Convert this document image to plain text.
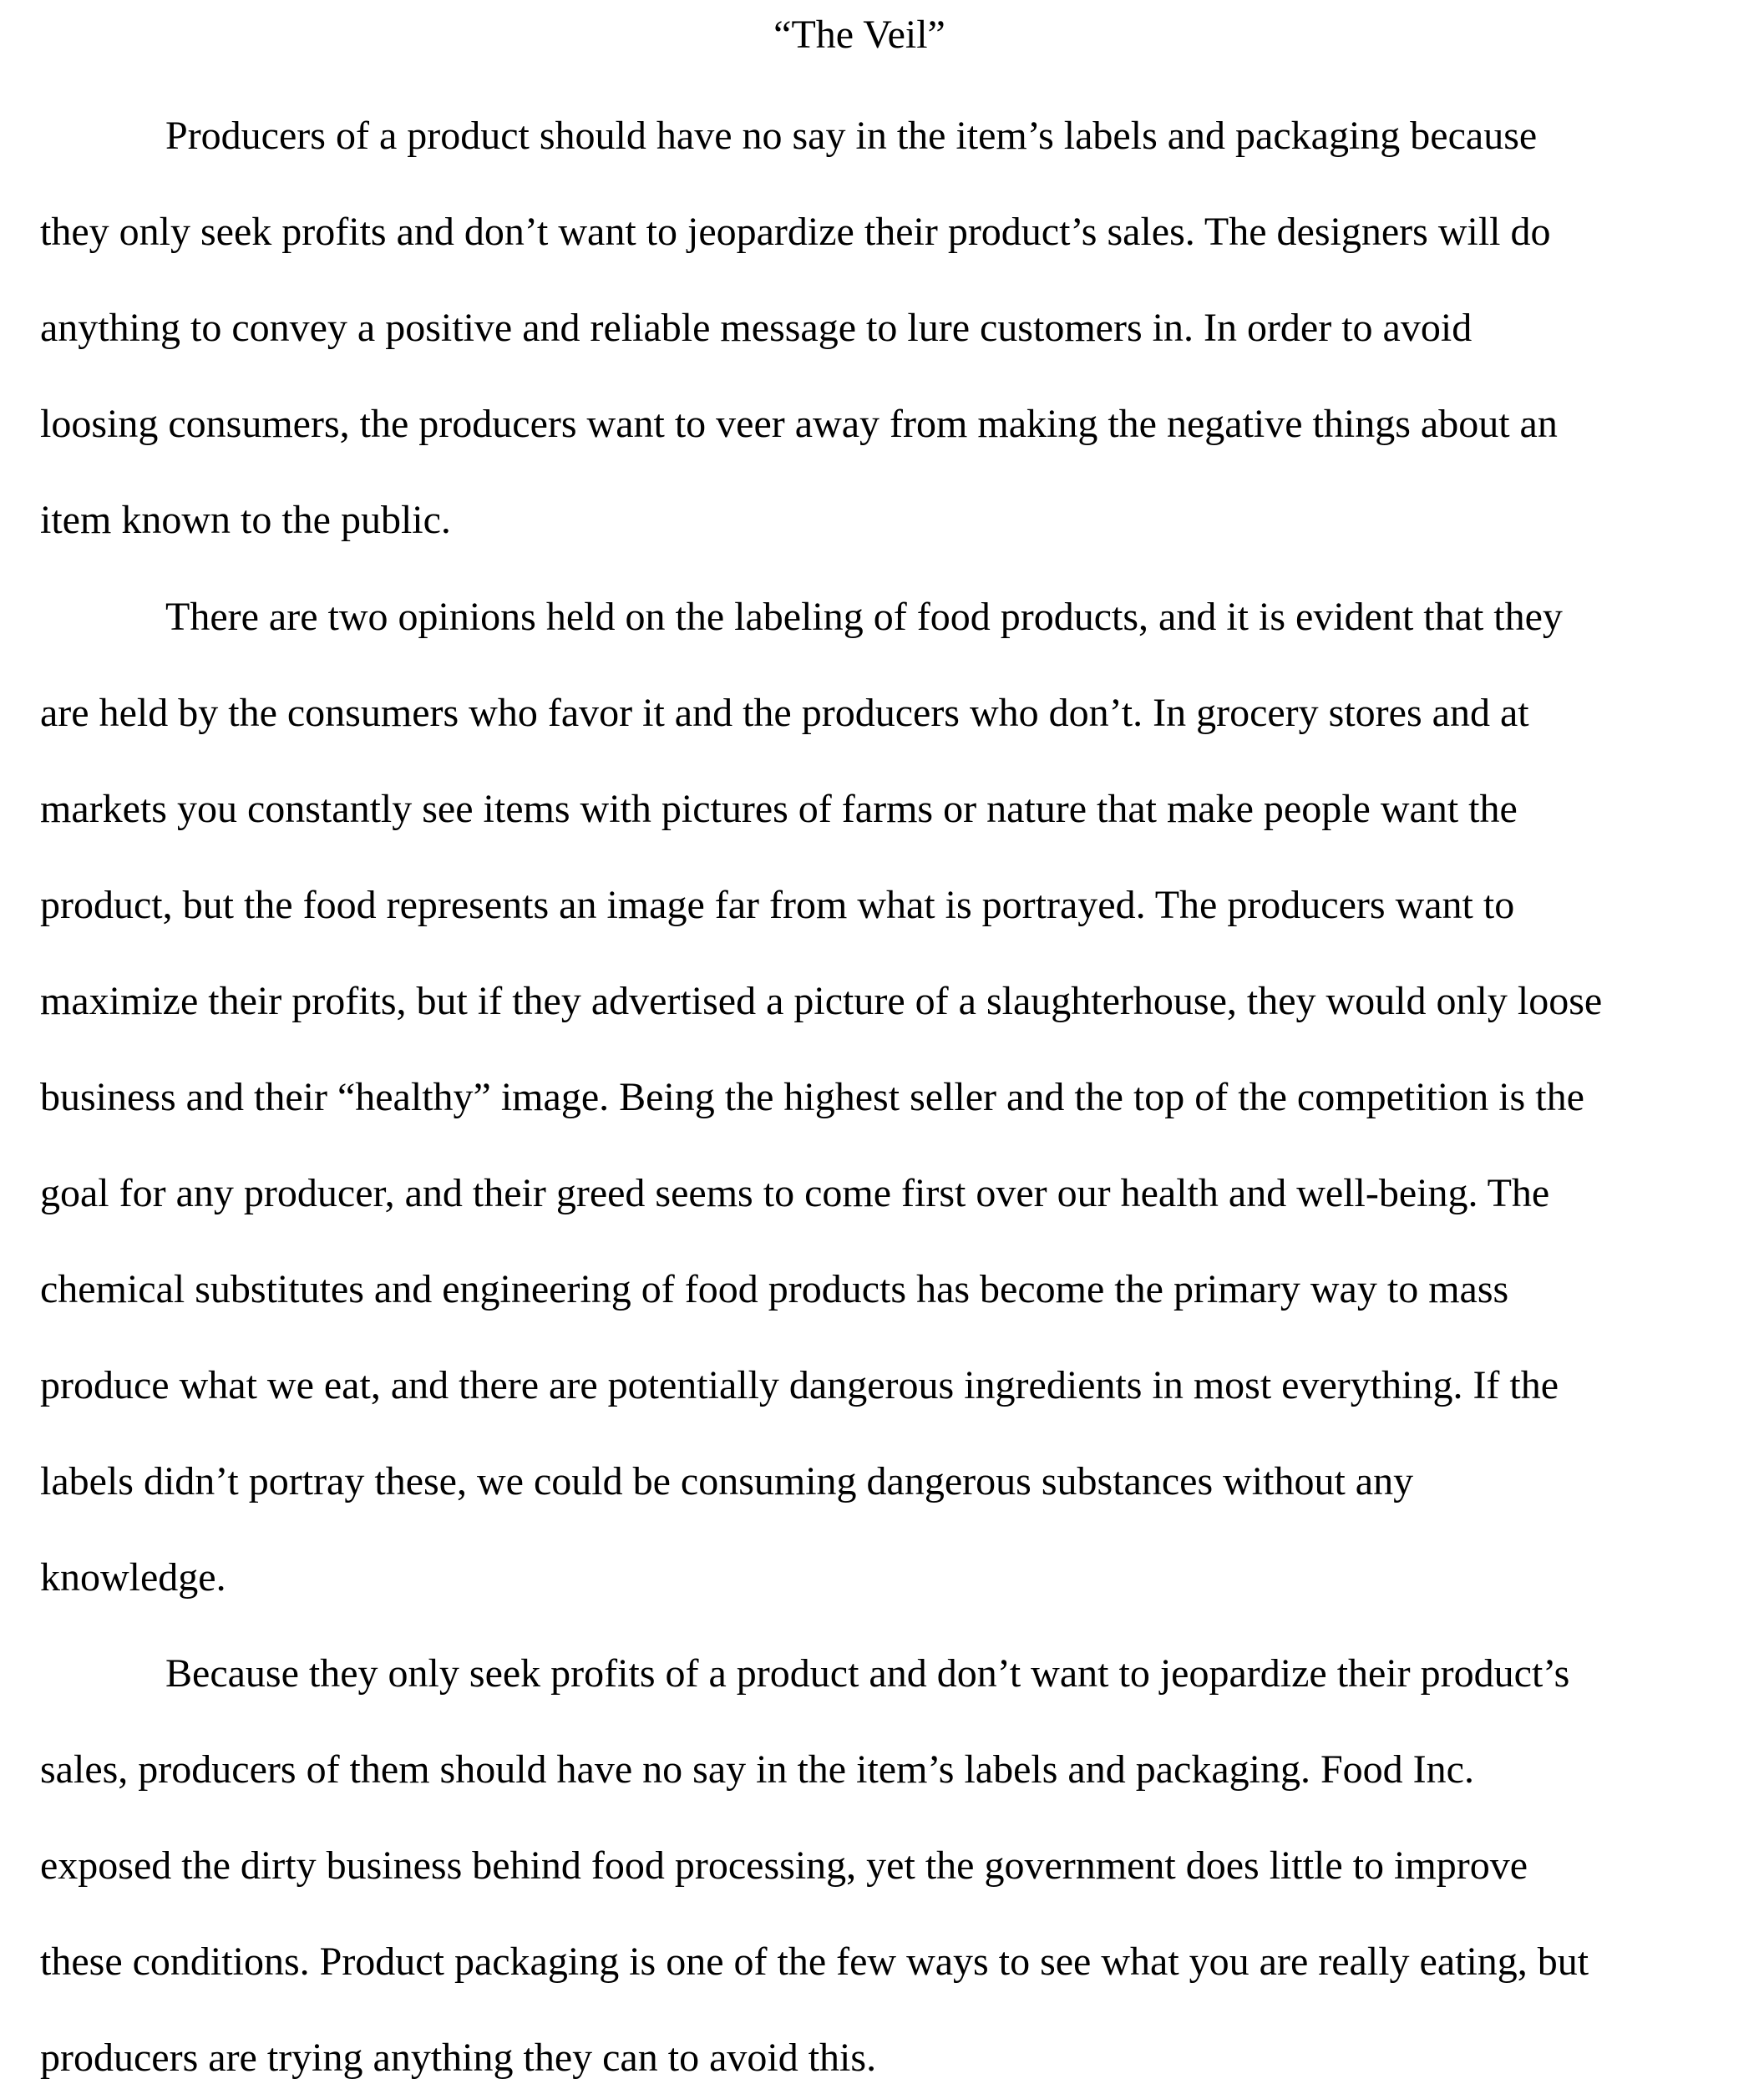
“The Veil”
Producers of a product should have no say in the item’s labels and packaging because
they only seek profits and don’t want to jeopardize their product’s sales. The designers will do
anything to convey a positive and reliable message to lure customers in. In order to avoid
loosing consumers, the producers want to veer away from making the negative things about an
item known to the public.
There are two opinions held on the labeling of food products, and it is evident that they
are held by the consumers who favor it and the producers who don’t. In grocery stores and at
markets you constantly see items with pictures of farms or nature that make people want the
product, but the food represents an image far from what is portrayed. The producers want to
maximize their profits, but if they advertised a picture of a slaughterhouse, they would only loose
business and their “healthy” image. Being the highest seller and the top of the competition is the
goal for any producer, and their greed seems to come first over our health and well-being. The
chemical substitutes and engineering of food products has become the primary way to mass
produce what we eat, and there are potentially dangerous ingredients in most everything. If the
labels didn’t portray these, we could be consuming dangerous substances without any
knowledge.
Because they only seek profits of a product and don’t want to jeopardize their product’s
sales, producers of them should have no say in the item’s labels and packaging. Food Inc.
exposed the dirty business behind food processing, yet the government does little to improve
these conditions. Product packaging is one of the few ways to see what you are really eating, but
producers are trying anything they can to avoid this.
